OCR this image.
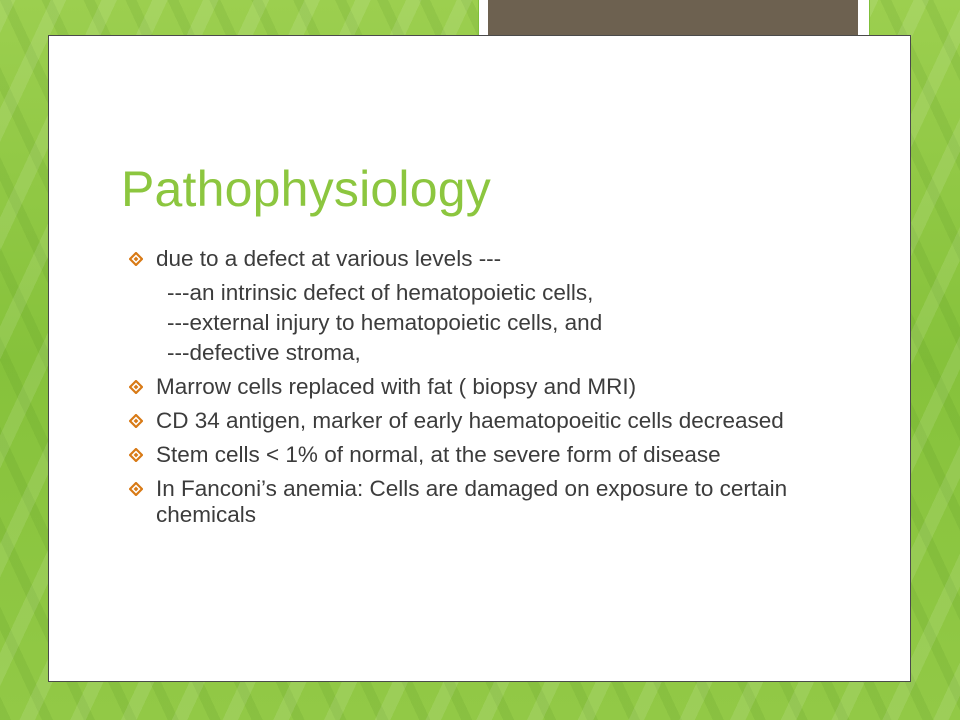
Pathophysiology
due to a defect at various levels ---
---an intrinsic defect of hematopoietic cells,
---external injury to hematopoietic cells, and
---defective stroma,
Marrow cells replaced with fat ( biopsy and MRI)
CD 34 antigen, marker of early haematopoeitic cells decreased
Stem cells < 1% of normal, at the severe form of disease
In Fanconi’s anemia: Cells are damaged on exposure to certain chemicals
